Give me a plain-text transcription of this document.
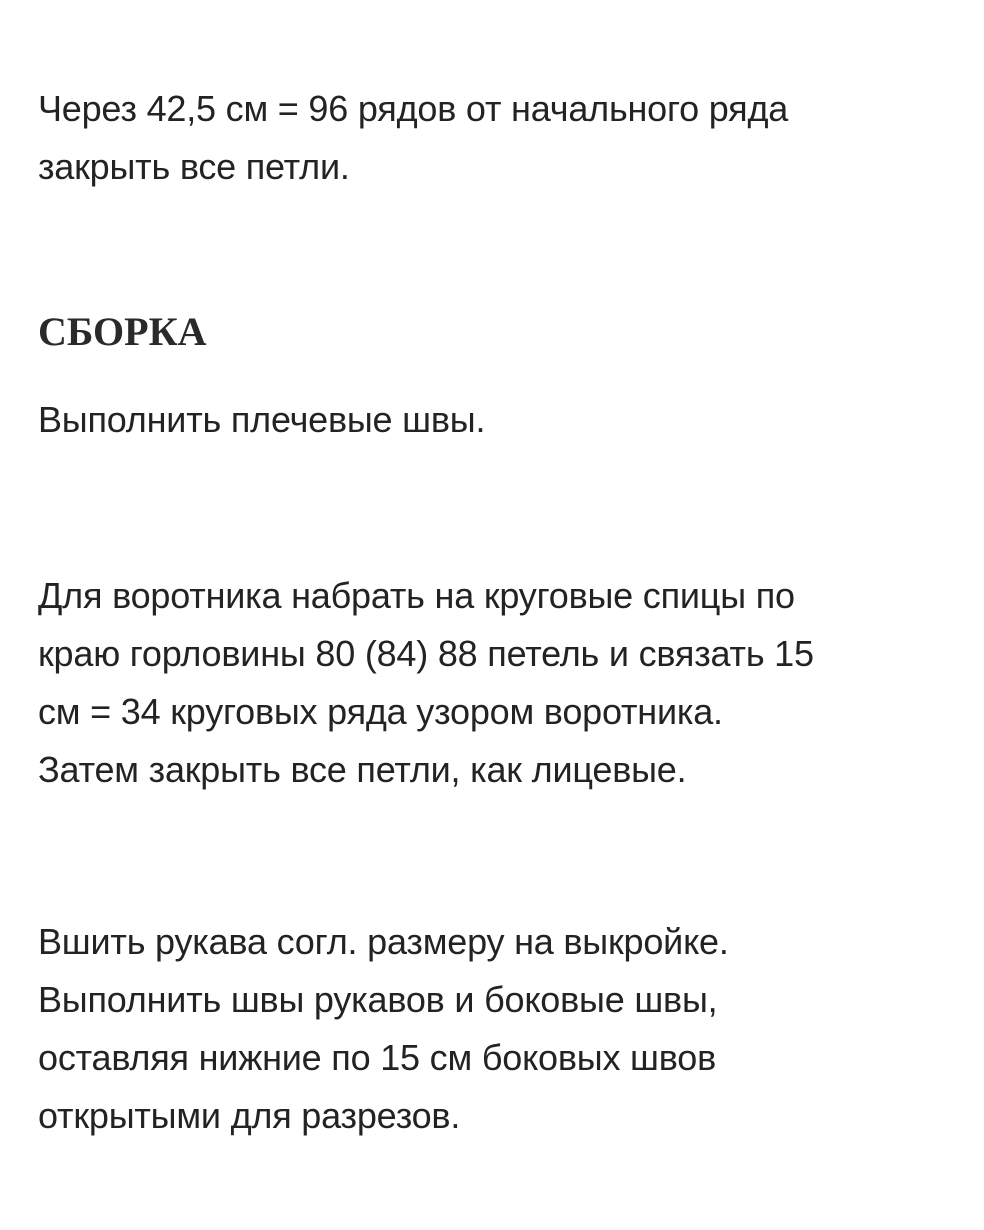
Через 42,5 см = 96 рядов от начального ряда
закрыть все петли.

СБОРКА

Выполнить плечевые швы.

Для воротника набрать на круговые спицы по
краю горловины 80 (84) 88 петель и связать 15
см = 34 круговых ряда узором воротника.
Затем закрыть все петли, как лицевые.

Вшить рукава согл. размеру на выкройке.
Выполнить швы рукавов и боковые швы,
оставляя нижние по 15 см боковых швов
открытыми для разрезов.
